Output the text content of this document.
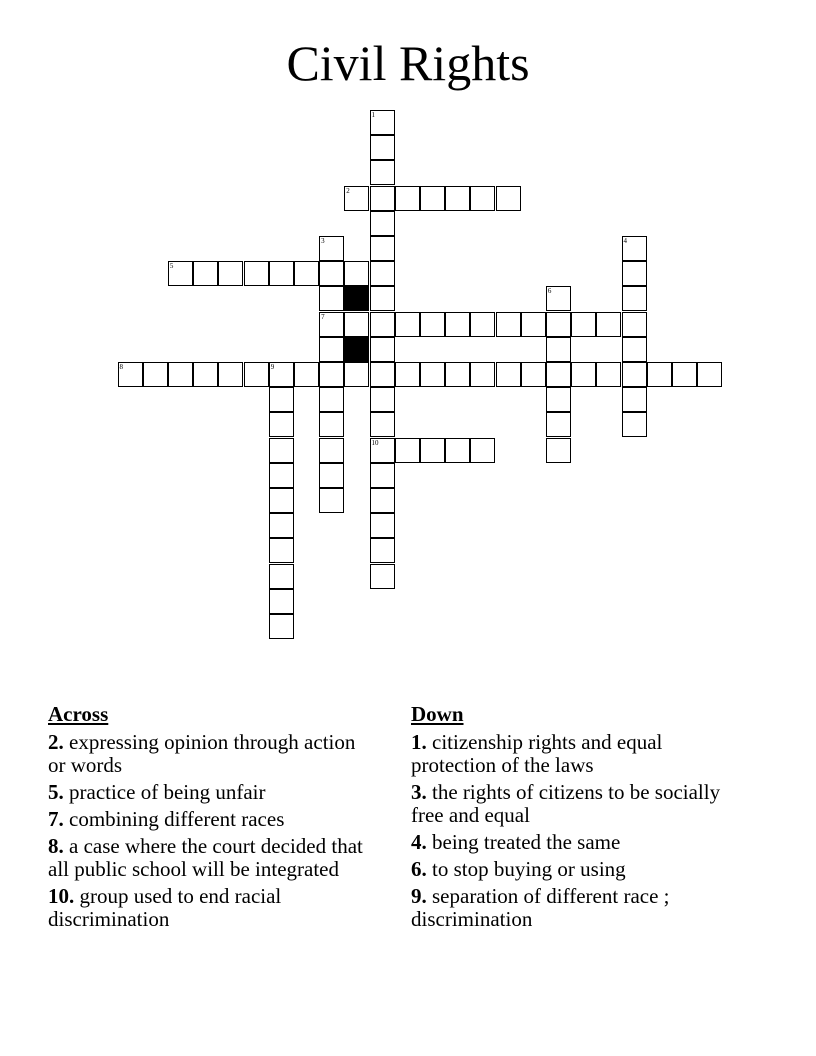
Civil Rights
1
10
2
3
7
4
5
6
8	9
Across
2. expressing opinion through action or words
5. practice of being unfair
7. combining different races
8. a case where the court decided that all public school will be integrated
10. group used to end racial discrimination
Down
1. citizenship rights and equal protection of the laws
3. the rights of citizens to be socially free and equal
4. being treated the same
6. to stop buying or using
9. separation of different race ; discrimination
